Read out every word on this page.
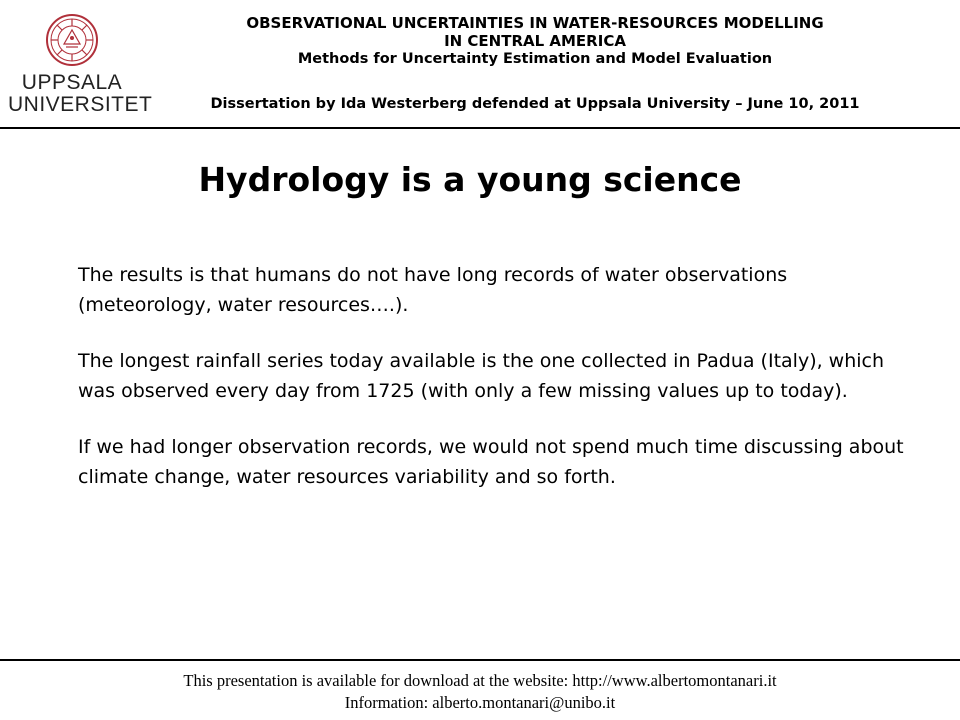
UPPSALA
UNIVERSITET
OBSERVATIONAL UNCERTAINTIES IN WATER-RESOURCES MODELLING
IN CENTRAL AMERICA
Methods for Uncertainty Estimation and Model Evaluation
Dissertation by Ida Westerberg defended at Uppsala University – June 10, 2011
Hydrology is a young science

The results is that humans do not have long records of water observations (meteorology, water resources….).

The longest rainfall series today available is the one collected in Padua (Italy), which was observed every day from 1725 (with only a few missing values up to today).

If we had longer observation records, we would not spend much time discussing about climate change, water resources variability and so forth.

This presentation is available for download at the website: http://www.albertomontanari.it
Information: alberto.montanari@unibo.it
